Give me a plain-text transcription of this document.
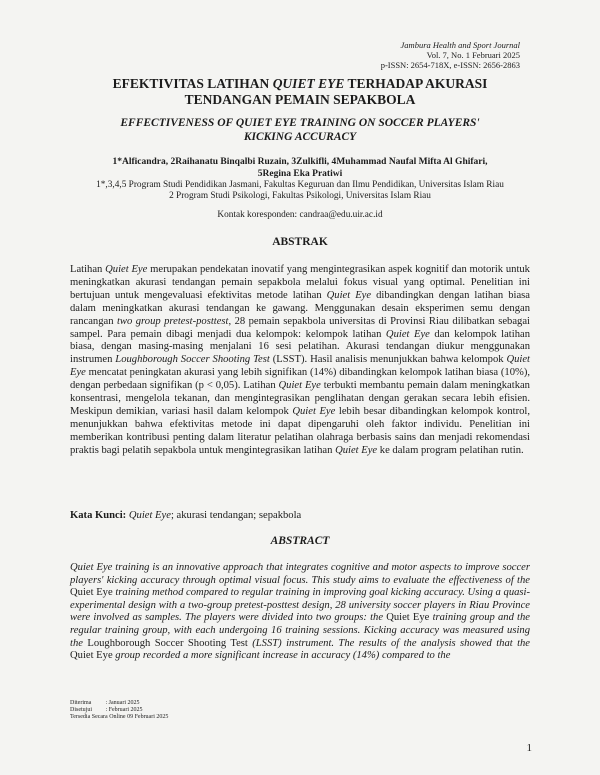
Jambura Health and Sport Journal
Vol. 7, No. 1 Februari 2025
p-ISSN: 2654-718X, e-ISSN: 2656-2863
EFEKTIVITAS LATIHAN QUIET EYE TERHADAP AKURASI
TENDANGAN PEMAIN SEPAKBOLA
EFFECTIVENESS OF QUIET EYE TRAINING ON SOCCER PLAYERS'
KICKING ACCURACY
1*Alficandra, 2Raihanatu Binqalbi Ruzain, 3Zulkifli, 4Muhammad Naufal Mifta Al Ghifari,
5Regina Eka Pratiwi
1*,3,4,5 Program Studi Pendidikan Jasmani, Fakultas Keguruan dan Ilmu Pendidikan, Universitas Islam Riau
2 Program Studi Psikologi, Fakultas Psikologi, Universitas Islam Riau
Kontak koresponden: candraa@edu.uir.ac.id
ABSTRAK
Latihan Quiet Eye merupakan pendekatan inovatif yang mengintegrasikan aspek kognitif dan motorik untuk meningkatkan akurasi tendangan pemain sepakbola melalui fokus visual yang optimal. Penelitian ini bertujuan untuk mengevaluasi efektivitas metode latihan Quiet Eye dibandingkan dengan latihan biasa dalam meningkatkan akurasi tendangan ke gawang. Menggunakan desain eksperimen semu dengan rancangan two group pretest-posttest, 28 pemain sepakbola universitas di Provinsi Riau dilibatkan sebagai sampel. Para pemain dibagi menjadi dua kelompok: kelompok latihan Quiet Eye dan kelompok latihan biasa, dengan masing-masing menjalani 16 sesi pelatihan. Akurasi tendangan diukur menggunakan instrumen Loughborough Soccer Shooting Test (LSST). Hasil analisis menunjukkan bahwa kelompok Quiet Eye mencatat peningkatan akurasi yang lebih signifikan (14%) dibandingkan kelompok latihan biasa (10%), dengan perbedaan signifikan (p < 0,05). Latihan Quiet Eye terbukti membantu pemain dalam meningkatkan konsentrasi, mengelola tekanan, dan mengintegrasikan penglihatan dengan gerakan secara lebih efisien. Meskipun demikian, variasi hasil dalam kelompok Quiet Eye lebih besar dibandingkan kelompok kontrol, menunjukkan bahwa efektivitas metode ini dapat dipengaruhi oleh faktor individu. Penelitian ini memberikan kontribusi penting dalam literatur pelatihan olahraga berbasis sains dan menjadi rekomendasi praktis bagi pelatih sepakbola untuk mengintegrasikan latihan Quiet Eye ke dalam program pelatihan rutin.
Kata Kunci: Quiet Eye; akurasi tendangan; sepakbola
ABSTRACT
Quiet Eye training is an innovative approach that integrates cognitive and motor aspects to improve soccer players' kicking accuracy through optimal visual focus. This study aims to evaluate the effectiveness of the Quiet Eye training method compared to regular training in improving goal kicking accuracy. Using a quasi-experimental design with a two-group pretest-posttest design, 28 university soccer players in Riau Province were involved as samples. The players were divided into two groups: the Quiet Eye training group and the regular training group, with each undergoing 16 training sessions. Kicking accuracy was measured using the Loughborough Soccer Shooting Test (LSST) instrument. The results of the analysis showed that the Quiet Eye group recorded a more significant increase in accuracy (14%) compared to the
Diterima : Januari 2025
Disetujui : Februari 2025
Tersedia Secara Online 09 Februari 2025
1
